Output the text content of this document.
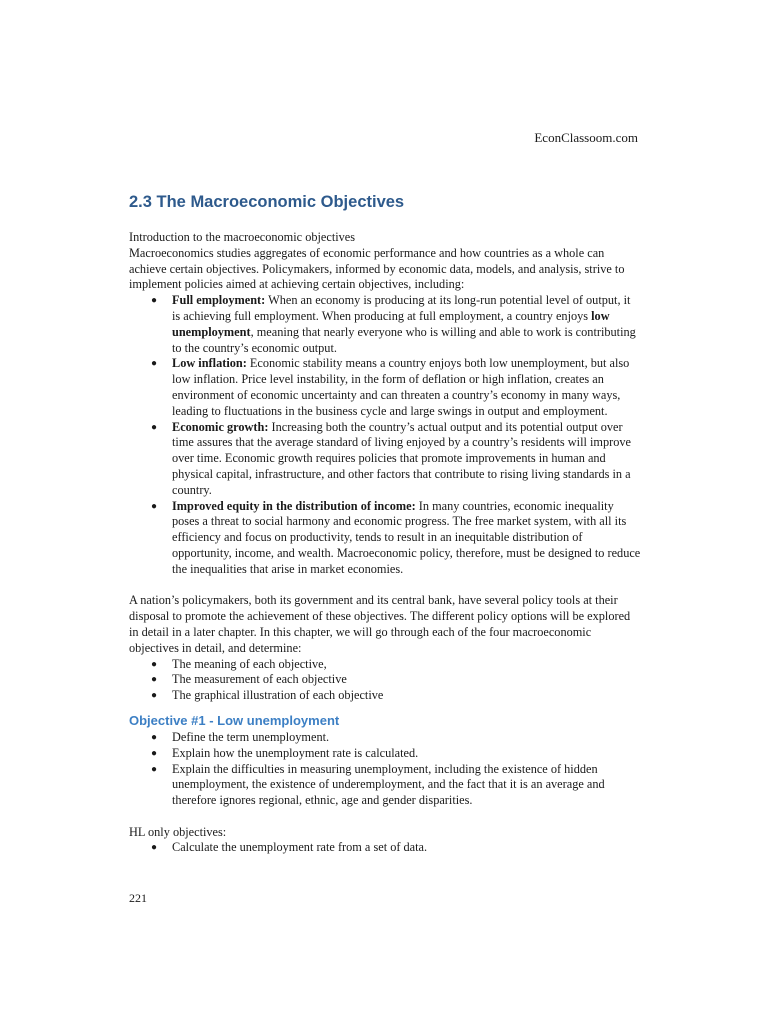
EconClassoom.com
2.3 The Macroeconomic Objectives

Introduction to the macroeconomic objectives

Macroeconomics studies aggregates of economic performance and how countries as a whole can achieve certain objectives. Policymakers, informed by economic data, models, and analysis, strive to implement policies aimed at achieving certain objectives, including:

● Full employment: When an economy is producing at its long-run potential level of output, it is achieving full employment. When producing at full employment, a country enjoys low unemployment, meaning that nearly everyone who is willing and able to work is contributing to the country’s economic output.
● Low inflation: Economic stability means a country enjoys both low unemployment, but also low inflation. Price level instability, in the form of deflation or high inflation, creates an environment of economic uncertainty and can threaten a country’s economy in many ways, leading to fluctuations in the business cycle and large swings in output and employment.
● Economic growth: Increasing both the country’s actual output and its potential output over time assures that the average standard of living enjoyed by a country’s residents will improve over time. Economic growth requires policies that promote improvements in human and physical capital, infrastructure, and other factors that contribute to rising living standards in a country.
● Improved equity in the distribution of income: In many countries, economic inequality poses a threat to social harmony and economic progress. The free market system, with all its efficiency and focus on productivity, tends to result in an inequitable distribution of opportunity, income, and wealth. Macroeconomic policy, therefore, must be designed to reduce the inequalities that arise in market economies.

A nation’s policymakers, both its government and its central bank, have several policy tools at their disposal to promote the achievement of these objectives. The different policy options will be explored in detail in a later chapter. In this chapter, we will go through each of the four macroeconomic objectives in detail, and determine:

● The meaning of each objective,
● The measurement of each objective
● The graphical illustration of each objective
Objective #1 - Low unemployment
● Define the term unemployment.
● Explain how the unemployment rate is calculated.
● Explain the difficulties in measuring unemployment, including the existence of hidden unemployment, the existence of underemployment, and the fact that it is an average and therefore ignores regional, ethnic, age and gender disparities.

HL only objectives:

● Calculate the unemployment rate from a set of data.
221
